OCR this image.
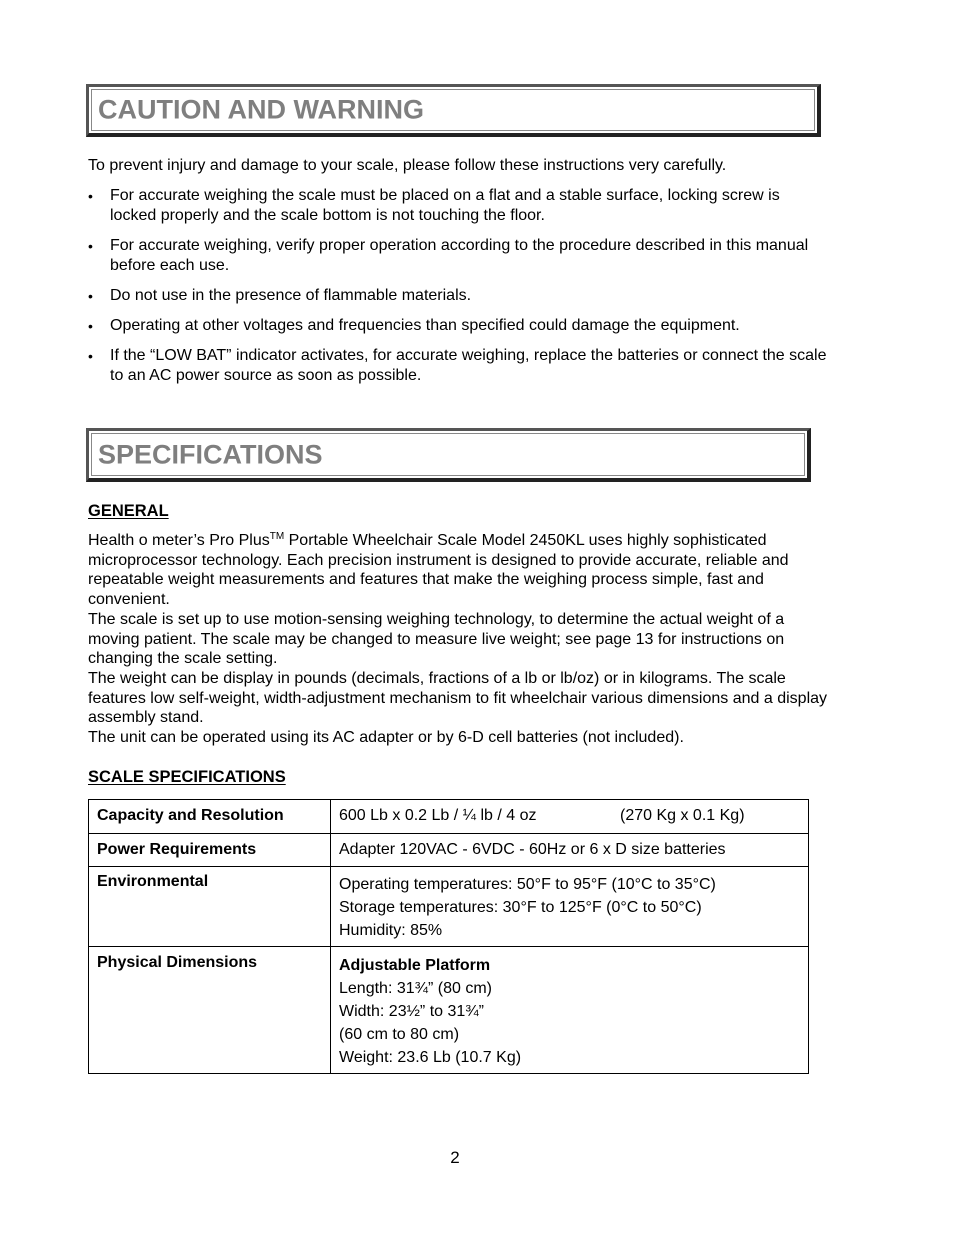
CAUTION AND WARNING
To prevent injury and damage to your scale, please follow these instructions very carefully.
•	For accurate weighing the scale must be placed on a flat and a stable surface, locking screw is locked properly and the scale bottom is not touching the floor.
•	For accurate weighing, verify proper operation according to the procedure described in this manual before each use.
•	Do not use in the presence of flammable materials.
•	Operating at other voltages and frequencies than specified could damage the equipment.
•	If the “LOW BAT” indicator activates, for accurate weighing, replace the batteries or connect the scale to an AC power source as soon as possible.
SPECIFICATIONS
GENERAL

Health o meter’s Pro Plus™ Portable Wheelchair Scale Model 2450KL uses highly sophisticated microprocessor technology. Each precision instrument is designed to provide accurate, reliable and repeatable weight measurements and features that make the weighing process simple, fast and convenient.

The scale is set up to use motion-sensing weighing technology, to determine the actual weight of a moving patient. The scale may be changed to measure live weight; see page 13 for instructions on changing the scale setting.

The weight can be display in pounds (decimals, fractions of a lb or lb/oz) or in kilograms. The scale features low self-weight, width-adjustment mechanism to fit wheelchair various dimensions and a display assembly stand.

The unit can be operated using its AC adapter or by 6-D cell batteries (not included).

SCALE SPECIFICATIONS
Capacity and Resolution	600 Lb x 0.2 Lb / ¼ lb / 4 oz (270 Kg x 0.1 Kg)

Power Requirements	Adapter 120VAC - 6VDC - 60Hz or 6 x D size batteries
Environmental	Operating temperatures: 50°F to 95°F (10°C to 35°C)
Storage temperatures: 30°F to 125°F (0°C to 50°C)
Humidity: 85%

Physical Dimensions	Adjustable Platform
Length: 31¾” (80 cm)
Width: 23½” to 31¾”
(60 cm to 80 cm)
Weight: 23.6 Lb (10.7 Kg)
2
